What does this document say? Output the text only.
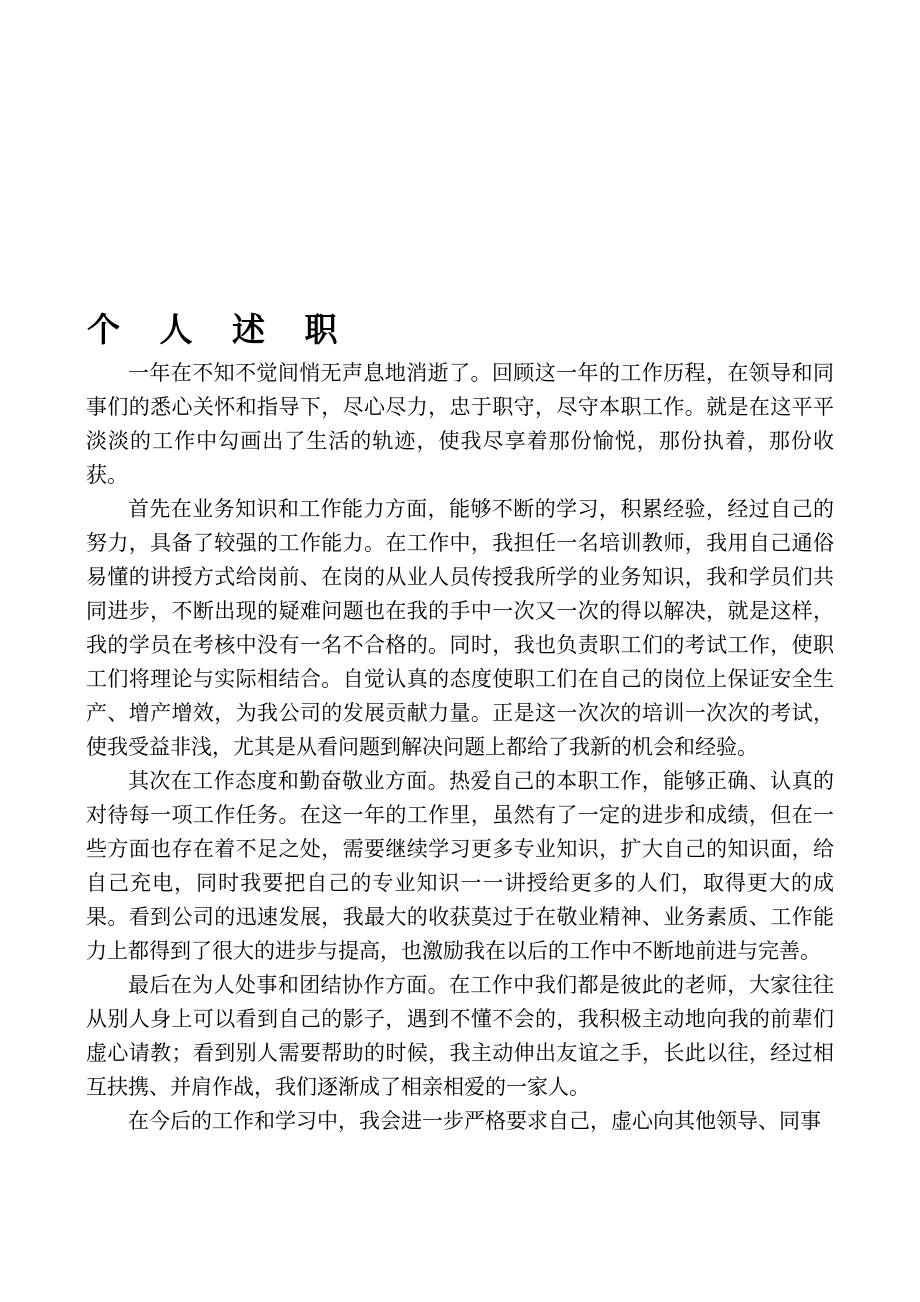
个 人 述 职

一年在不知不觉间悄无声息地消逝了。回顾这一年的工作历程，在领导和同事们的悉心关怀和指导下，尽心尽力，忠于职守，尽守本职工作。就是在这平平淡淡的工作中勾画出了生活的轨迹，使我尽享着那份愉悦，那份执着，那份收获。

首先在业务知识和工作能力方面，能够不断的学习，积累经验，经过自己的努力，具备了较强的工作能力。在工作中，我担任一名培训教师，我用自己通俗易懂的讲授方式给岗前、在岗的从业人员传授我所学的业务知识，我和学员们共同进步，不断出现的疑难问题也在我的手中一次又一次的得以解决，就是这样，我的学员在考核中没有一名不合格的。同时，我也负责职工们的考试工作，使职工们将理论与实际相结合。自觉认真的态度使职工们在自己的岗位上保证安全生产、增产增效，为我公司的发展贡献力量。正是这一次次的培训一次次的考试，使我受益非浅，尤其是从看问题到解决问题上都给了我新的机会和经验。

其次在工作态度和勤奋敬业方面。热爱自己的本职工作，能够正确、认真的对待每一项工作任务。在这一年的工作里，虽然有了一定的进步和成绩，但在一些方面也存在着不足之处，需要继续学习更多专业知识，扩大自己的知识面，给自己充电，同时我要把自己的专业知识一一讲授给更多的人们，取得更大的成果。看到公司的迅速发展，我最大的收获莫过于在敬业精神、业务素质、工作能力上都得到了很大的进步与提高，也激励我在以后的工作中不断地前进与完善。

最后在为人处事和团结协作方面。在工作中我们都是彼此的老师，大家往往从别人身上可以看到自己的影子，遇到不懂不会的，我积极主动地向我的前辈们虚心请教；看到别人需要帮助的时候，我主动伸出友谊之手，长此以往，经过相互扶携、并肩作战，我们逐渐成了相亲相爱的一家人。

在今后的工作和学习中，我会进一步严格要求自己，虚心向其他领导、同事
